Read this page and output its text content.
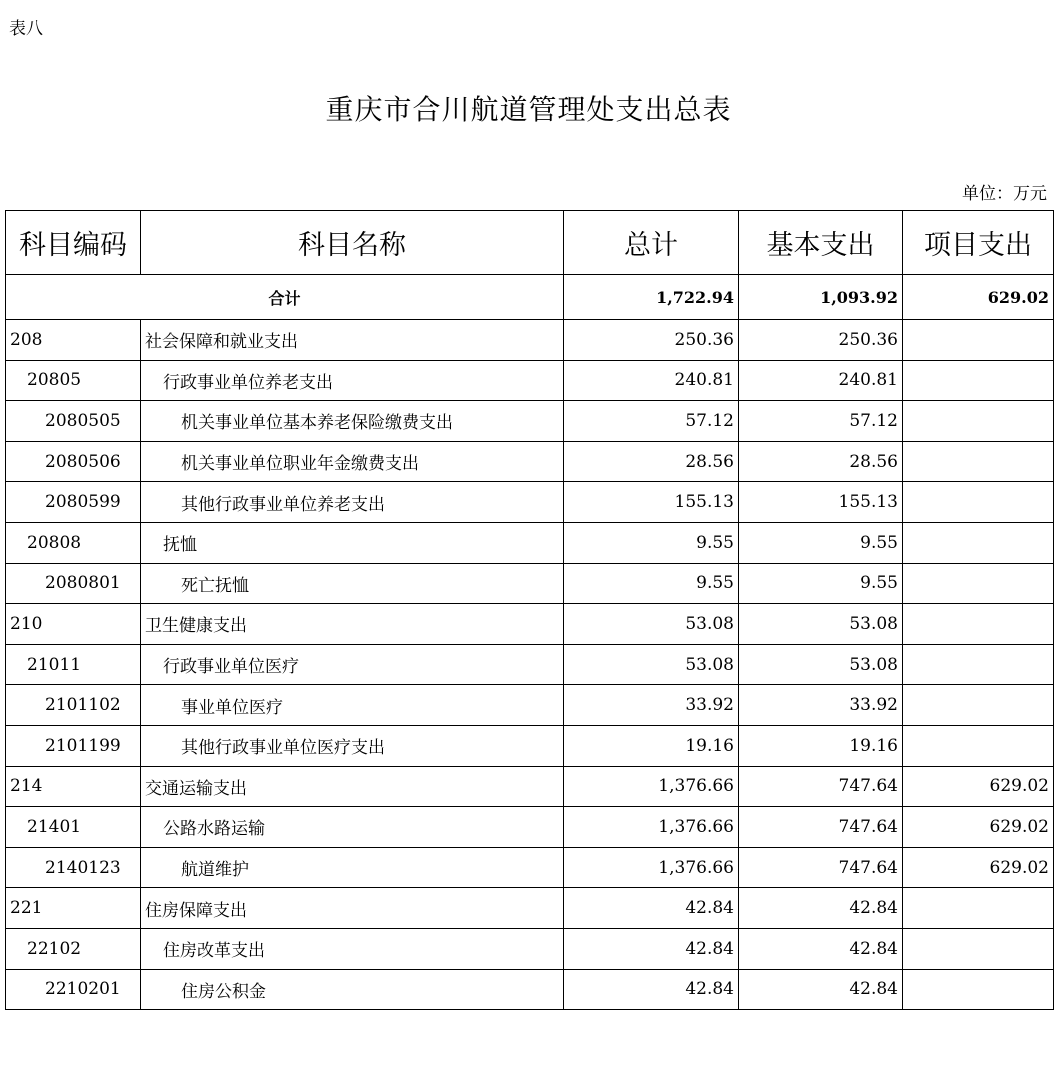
表八
重庆市合川航道管理处支出总表
单位：万元
科目编码	科目名称	总计	基本支出	项目支出
合计		1,722.94	1,093.92	629.02
208	社会保障和就业支出	250.36	250.36	
20805	行政事业单位养老支出	240.81	240.81	
2080505	机关事业单位基本养老保险缴费支出	57.12	57.12	
2080506	机关事业单位职业年金缴费支出	28.56	28.56	
2080599	其他行政事业单位养老支出	155.13	155.13	
20808	抚恤	9.55	9.55	
2080801	死亡抚恤	9.55	9.55	
210	卫生健康支出	53.08	53.08	
21011	行政事业单位医疗	53.08	53.08	
2101102	事业单位医疗	33.92	33.92	
2101199	其他行政事业单位医疗支出	19.16	19.16	
214	交通运输支出	1,376.66	747.64	629.02
21401	公路水路运输	1,376.66	747.64	629.02
2140123	航道维护	1,376.66	747.64	629.02
221	住房保障支出	42.84	42.84	
22102	住房改革支出	42.84	42.84	
2210201	住房公积金	42.84	42.84	
